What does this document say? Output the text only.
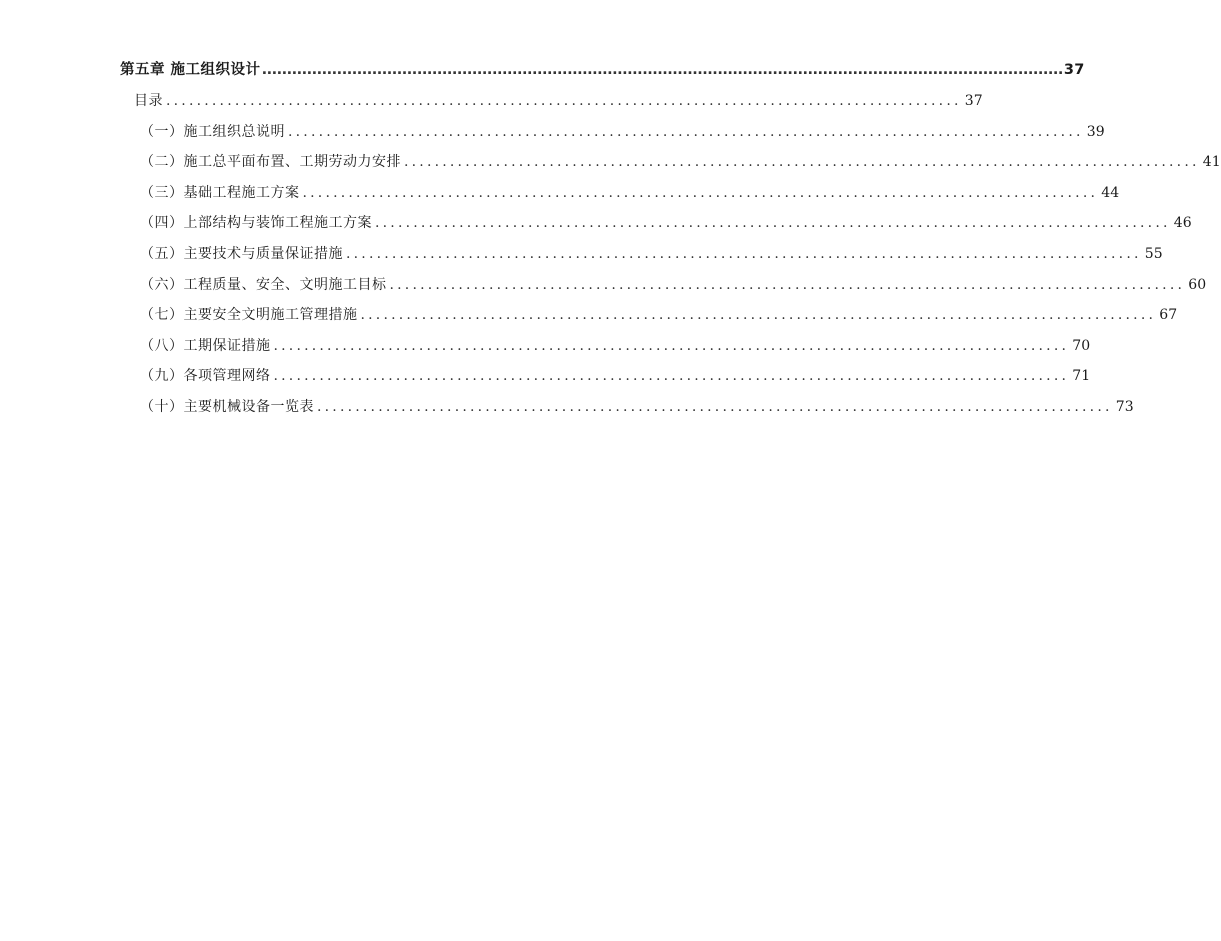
第五章 施工组织设计 ................................................................................................................................................................ 37
目录 ........................................................................................................ 37
（一）施工组织总说明 ........................................................................................................ 39
（二）施工总平面布置、工期劳动力安排 ........................................................................................................ 41
（三）基础工程施工方案 ........................................................................................................ 44
（四）上部结构与装饰工程施工方案 ........................................................................................................ 46
（五）主要技术与质量保证措施 ........................................................................................................ 55
（六）工程质量、安全、文明施工目标 ........................................................................................................ 60
（七）主要安全文明施工管理措施 ........................................................................................................ 67
（八）工期保证措施 ........................................................................................................ 70
（九）各项管理网络 ........................................................................................................ 71
（十）主要机械设备一览表 ........................................................................................................ 73
